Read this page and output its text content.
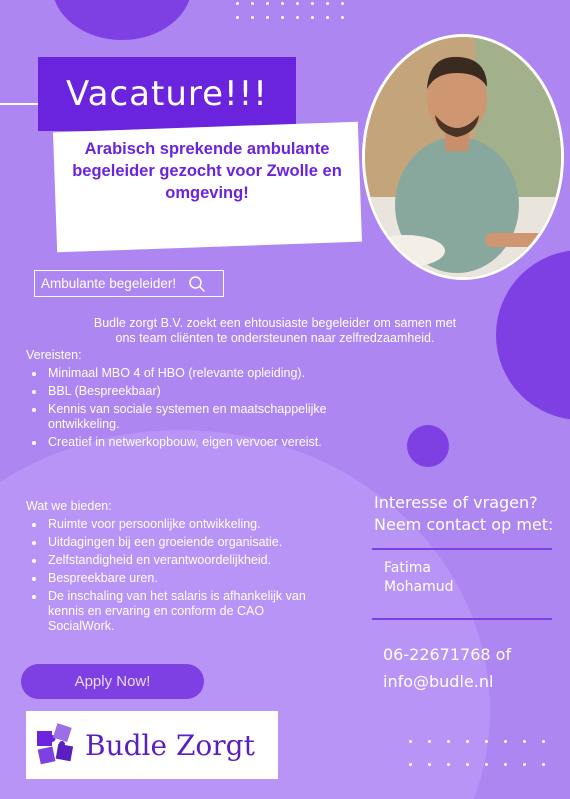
Vacature!!!
Arabisch sprekende ambulante begeleider gezocht voor Zwolle en omgeving!
Ambulante begeleider!
Budle zorgt B.V. zoekt een ehtousiaste begeleider om samen met
ons team cliënten te ondersteunen naar zelfredzaamheid.

Vereisten:

Minimaal MBO 4 of HBO (relevante opleiding).
BBL (Bespreekbaar)
Kennis van sociale systemen en maatschappelijke ontwikkeling.
Creatief in netwerkopbouw, eigen vervoer vereist.

Wat we bieden:

Ruimte voor persoonlijke ontwikkeling.
Uitdagingen bij een groeiende organisatie.
Zelfstandigheid en verantwoordelijkheid.
Bespreekbare uren.
De inschaling van het salaris is afhankelijk van kennis en ervaring en conform de CAO SocialWork.
Interesse of vragen?
Neem contact op met:
Fatima
Mohamud
06-22671768 of
info@budle.nl
Apply Now!
Budle Zorgt
